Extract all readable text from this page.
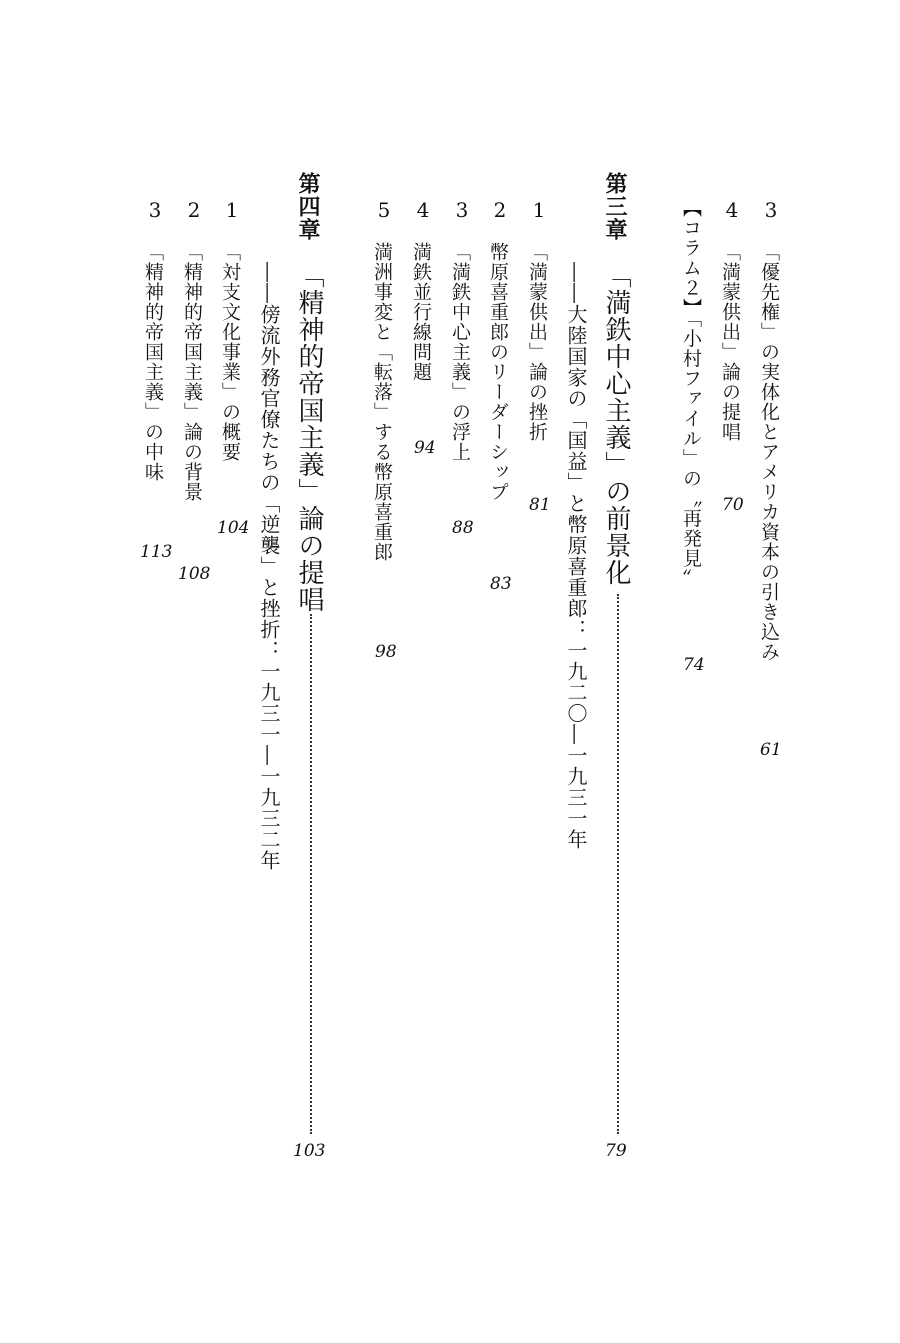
3
「優先権」の実体化とアメリカ資本の引き込み
61
4
「満蒙供出」論の提唱
70
【コラム２】「小村ファイル」の〝再発見〟
74
第三章
「満鉄中心主義」の前景化
79
――大陸国家の「国益」と幣原喜重郎：一九二〇―一九三一年
1
「満蒙供出」論の挫折
81
2
幣原喜重郎のリーダーシップ
83
3
「満鉄中心主義」の浮上
88
4
満鉄並行線問題
94
5
満洲事変と「転落」する幣原喜重郎
98
第四章
「精神的帝国主義」論の提唱
103
――傍流外務官僚たちの「逆襲」と挫折：一九三一―一九三二年
1
「対支文化事業」の概要
104
2
「精神的帝国主義」論の背景
108
3
「精神的帝国主義」の中味
113
